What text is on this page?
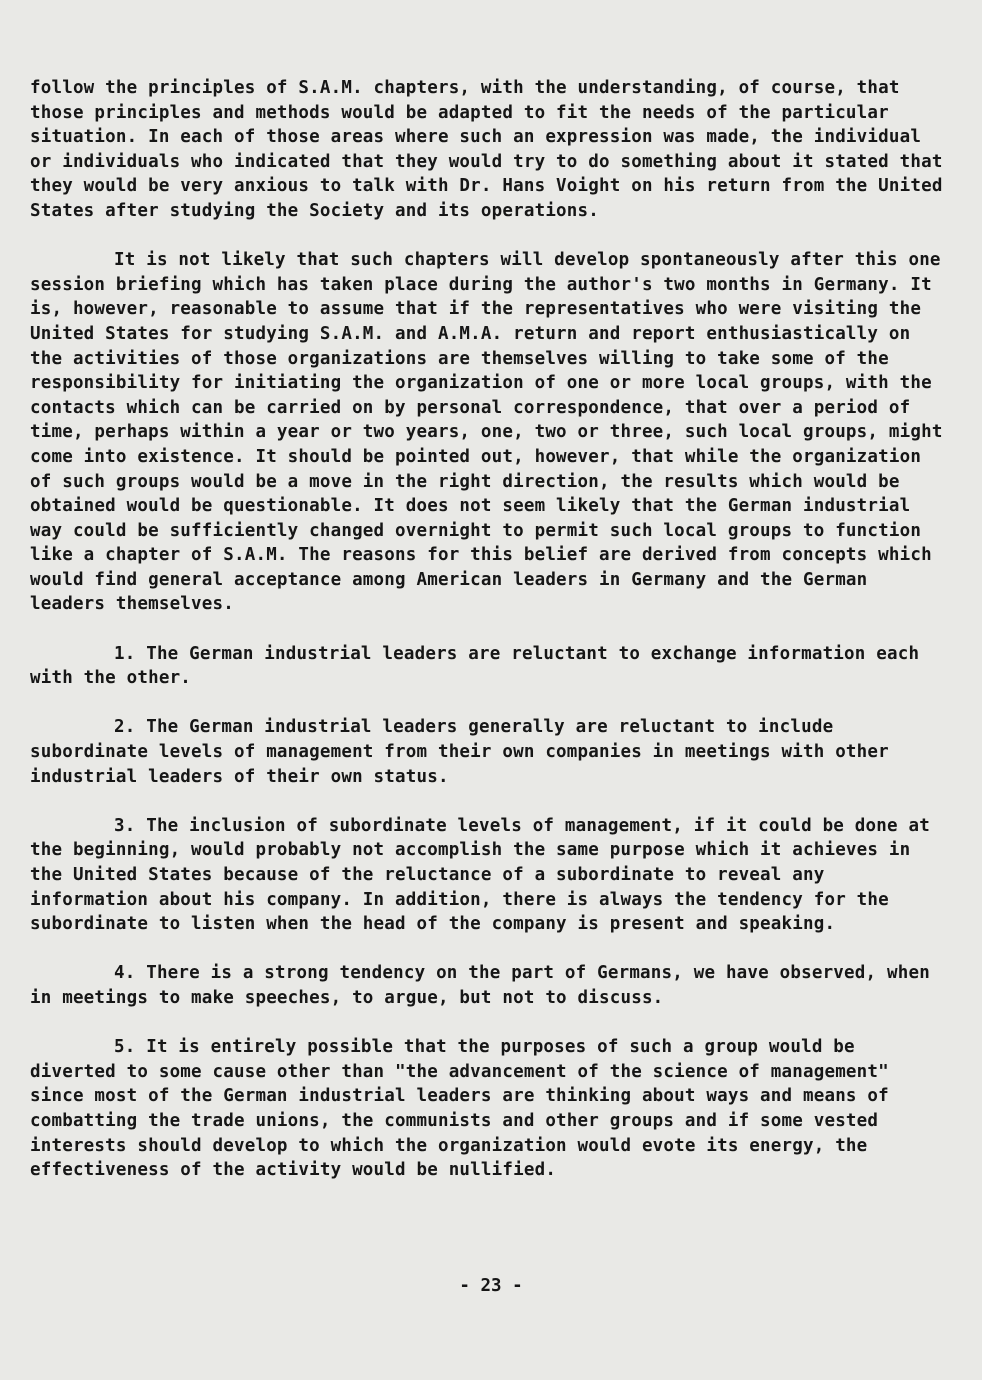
follow the principles of S.A.M. chapters, with the understanding, of course, that those principles and methods would be adapted to fit the needs of the particular situation. In each of those areas where such an expression was made, the individual or individuals who indicated that they would try to do something about it stated that they would be very anxious to talk with Dr. Hans Voight on his return from the United States after studying the Society and its operations.

It is not likely that such chapters will develop spontaneously after this one session briefing which has taken place during the author's two months in Germany. It is, however, reasonable to assume that if the representatives who were visiting the United States for studying S.A.M. and A.M.A. return and report enthusiastically on the activities of those organizations are themselves willing to take some of the responsibility for initiating the organization of one or more local groups, with the contacts which can be carried on by personal correspondence, that over a period of time, perhaps within a year or two years, one, two or three, such local groups, might come into existence. It should be pointed out, however, that while the organization of such groups would be a move in the right direction, the results which would be obtained would be questionable. It does not seem likely that the German industrial way could be sufficiently changed overnight to permit such local groups to function like a chapter of S.A.M. The reasons for this belief are derived from concepts which would find general acceptance among American leaders in Germany and the German leaders themselves.

1. The German industrial leaders are reluctant to exchange information each with the other.

2. The German industrial leaders generally are reluctant to include subordinate levels of management from their own companies in meetings with other industrial leaders of their own status.

3. The inclusion of subordinate levels of management, if it could be done at the beginning, would probably not accomplish the same purpose which it achieves in the United States because of the reluctance of a subordinate to reveal any information about his company. In addition, there is always the tendency for the subordinate to listen when the head of the company is present and speaking.

4. There is a strong tendency on the part of Germans, we have observed, when in meetings to make speeches, to argue, but not to discuss.

5. It is entirely possible that the purposes of such a group would be diverted to some cause other than "the advancement of the science of management" since most of the German industrial leaders are thinking about ways and means of combatting the trade unions, the communists and other groups and if some vested interests should develop to which the organization would evote its energy, the effectiveness of the activity would be nullified.

- 23 -
